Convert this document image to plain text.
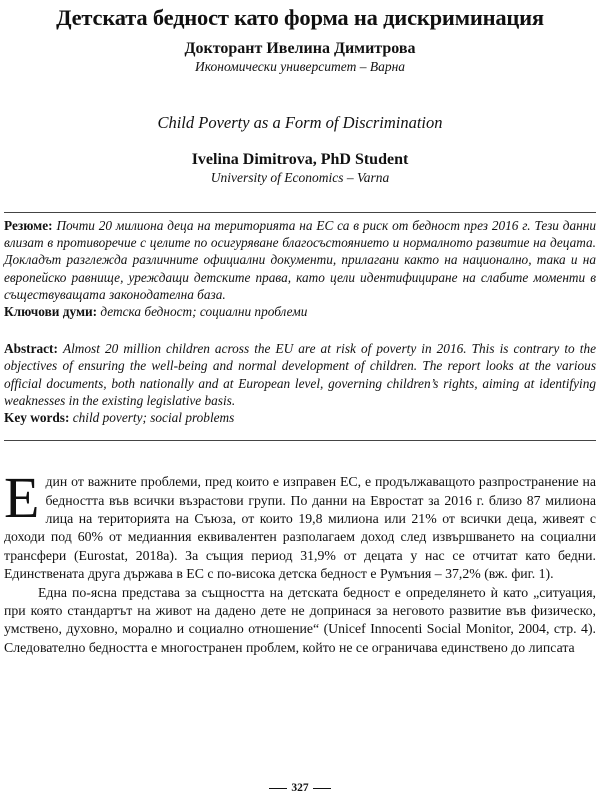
Детската бедност като форма на дискриминация
Докторант Ивелина Димитрова
Икономически университет – Варна
Child Poverty as a Form of Discrimination
Ivelina Dimitrova, PhD Student
University of Economics – Varna
Резюме: Почти 20 милиона деца на територията на ЕС са в риск от бедност през 2016 г. Тези данни влизат в противоречие с целите по осигуряване благосъстоянието и нормалното развитие на децата. Докладът разглежда различните официални документи, прилагани както на национално, така и на европейско равнище, уреждащи детските права, като цели идентифициране на слабите моменти в съществуващата законодателна база.
Ключови думи: детска бедност; социални проблеми
Abstract: Almost 20 million children across the EU are at risk of poverty in 2016. This is contrary to the objectives of ensuring the well-being and normal development of children. The report looks at the various official documents, both nationally and at European level, governing children’s rights, aiming at identifying weaknesses in the existing legislative basis.
Key words: child poverty; social problems

Един от важните проблеми, пред които е изправен ЕС, е продължаващото разпространение на бедността във всички възрастови групи. По данни на Евростат за 2016 г. близо 87 милиона лица на територията на Съюза, от които 19,8 милиона или 21% от всички деца, живеят с доходи под 60% от медианния еквивалентен разполагаем доход след извършването на социални трансфери (Eurostat, 2018a). За същия период 31,9% от децата у нас се отчитат като бедни. Единствената друга държава в ЕС с по-висока детска бедност е Румъния – 37,2% (вж. фиг. 1).

Една по-ясна представа за същността на детската бедност е определянето ѝ като „ситуация, при която стандартът на живот на дадено дете не допринася за неговото развитие във физическо, умствено, духовно, морално и социално отношение“ (Unicef Innocenti Social Monitor, 2004, стр. 4). Следователно бедността е многостранен проблем, който не се ограничава единствено до липсата

327
